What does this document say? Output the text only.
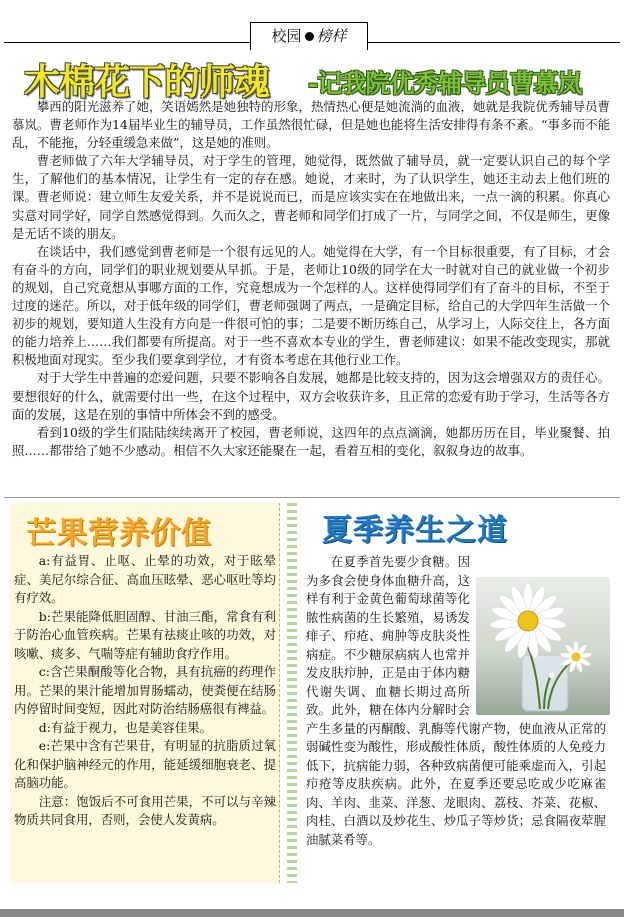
校园 榜样
木棉花下的师魂 -记我院优秀辅导员曹慕岚

攀西的阳光滋养了她，笑语嫣然是她独特的形象，热情热心便是她流淌的血液，她就是我院优秀辅导员曹慕岚。曹老师作为14届毕业生的辅导员，工作虽然很忙碌，但是她也能将生活安排得有条不紊。“事多而不能乱，不能拖，分轻重缓急来做”，这是她的准则。

曹老师做了六年大学辅导员，对于学生的管理，她觉得，既然做了辅导员，就一定要认识自己的每个学生，了解他们的基本情况，让学生有一定的存在感。她说，才来时，为了认识学生，她还主动去上他们班的课。曹老师说：建立师生友爱关系，并不是说说而已，而是应该实实在在地做出来，一点一滴的积累。你真心实意对同学好，同学自然感觉得到。久而久之，曹老师和同学们打成了一片，与同学之间，不仅是师生，更像是无话不谈的朋友。

在谈话中，我们感觉到曹老师是一个很有远见的人。她觉得在大学，有一个目标很重要，有了目标，才会有奋斗的方向，同学们的职业规划要从早抓。于是，老师让10级的同学在大一时就对自己的就业做一个初步的规划，自己究竟想从事哪方面的工作，究竟想成为一个怎样的人。这样使得同学们有了奋斗的目标，不至于过度的迷茫。所以，对于低年级的同学们，曹老师强调了两点，一是确定目标，给自己的大学四年生活做一个初步的规划，要知道人生没有方向是一件很可怕的事；二是要不断历练自己，从学习上，人际交往上，各方面的能力培养上……我们都要有所提高。对于一些不喜欢本专业的学生，曹老师建议：如果不能改变现实，那就积极地面对现实。至少我们要拿到学位，才有资本考虑在其他行业工作。

对于大学生中普遍的恋爱问题，只要不影响各自发展，她都是比较支持的，因为这会增强双方的责任心。要想很好的什么，就需要付出一些，在这个过程中，双方会收获许多，且正常的恋爱有助于学习，生活等各方面的发展，这是在别的事情中所体会不到的感受。

看到10级的学生们陆陆续续离开了校园，曹老师说，这四年的点点滴滴，她都历历在目，毕业聚餐、拍照……都带给了她不少感动。相信不久大家还能聚在一起，看着互相的变化，叙叙身边的故事。

芒果营养价值

a:有益胃、止呕、止晕的功效，对于眩晕症、美尼尔综合征、高血压眩晕、恶心呕吐等均有疗效。

b:芒果能降低胆固醇、甘油三酯，常食有利于防治心血管疾病。芒果有祛痰止咳的功效，对咳嗽、痰多、气喘等症有辅助食疗作用。

c:含芒果酮酸等化合物，具有抗癌的药理作用。芒果的果汁能增加胃肠蠕动，使粪便在结肠内停留时间变短，因此对防治结肠癌很有裨益。

d:有益于视力，也是美容佳果。

e:芒果中含有芒果苷，有明显的抗脂质过氧化和保护脑神经元的作用，能延缓细胞衰老、提高脑功能。

注意：饱饭后不可食用芒果，不可以与辛辣物质共同食用，否则，会使人发黄病。

夏季养生之道

在夏季首先要少食糖。因为多食会使身体血糖升高，这样有利于金黄色葡萄球菌等化脓性病菌的生长繁殖，易诱发痱子、疖疮、痈肿等皮肤炎性病症。不少糖尿病病人也常并发皮肤疖肿，正是由于体内糖代谢失调、血糖长期过高所致。此外，糖在体内分解时会产生多量的丙酮酸、乳酶等代谢产物，使血液从正常的弱碱性变为酸性，形成酸性体质，酸性体质的人免疫力低下，抗病能力弱，各种致病菌便可能乘虚而入，引起疖疮等皮肤疾病。此外，在夏季还要忌吃或少吃麻雀肉、羊肉、韭菜、洋葱、龙眼肉、荔枝、芥菜、花椒、肉桂、白酒以及炒花生、炒瓜子等炒货；忌食隔夜荤腥油腻菜肴等。
